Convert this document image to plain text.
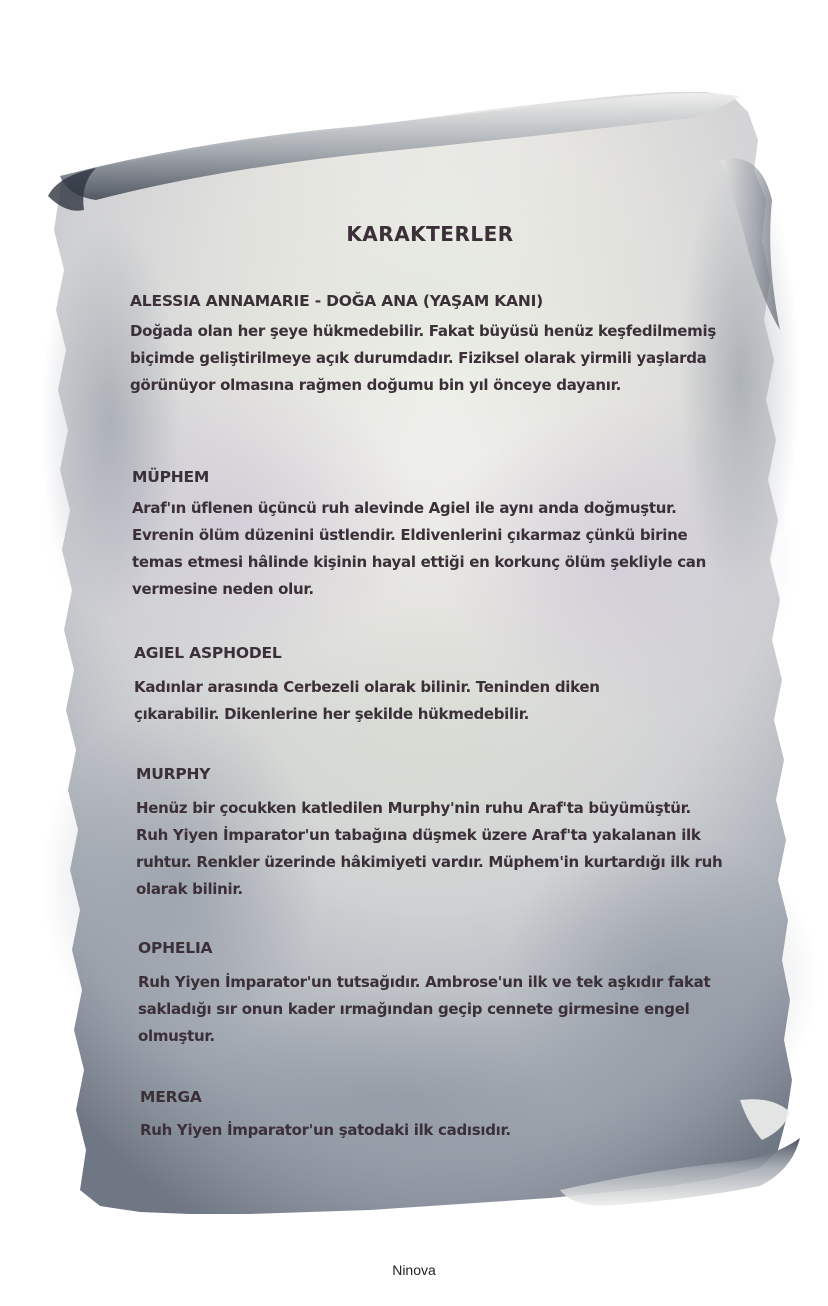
KARAKTERLER
ALESSIA ANNAMARIE - DOĞA ANA (YAŞAM KANI)
Doğada olan her şeye hükmedebilir. Fakat büyüsü henüz keşfedilmemiş biçimde geliştirilmeye açık durumdadır. Fiziksel olarak yirmili yaşlarda görünüyor olmasına rağmen doğumu bin yıl önceye dayanır.
MÜPHEM
Araf'ın üflenen üçüncü ruh alevinde Agiel ile aynı anda doğmuştur. Evrenin ölüm düzenini üstlendir. Eldivenlerini çıkarmaz çünkü birine temas etmesi hâlinde kişinin hayal ettiği en korkunç ölüm şekliyle can vermesine neden olur.
AGIEL ASPHODEL
Kadınlar arasında Cerbezeli olarak bilinir. Teninden diken çıkarabilir. Dikenlerine her şekilde hükmedebilir.
MURPHY
Henüz bir çocukken katledilen Murphy'nin ruhu Araf'ta büyümüştür. Ruh Yiyen İmparator'un tabağına düşmek üzere Araf'ta yakalanan ilk ruhtur. Renkler üzerinde hâkimiyeti vardır. Müphem'in kurtardığı ilk ruh olarak bilinir.
OPHELIA
Ruh Yiyen İmparator'un tutsağıdır. Ambrose'un ilk ve tek aşkıdır fakat sakladığı sır onun kader ırmağından geçip cennete girmesine engel olmuştur.
MERGA
Ruh Yiyen İmparator'un şatodaki ilk cadısıdır.
Ninova
